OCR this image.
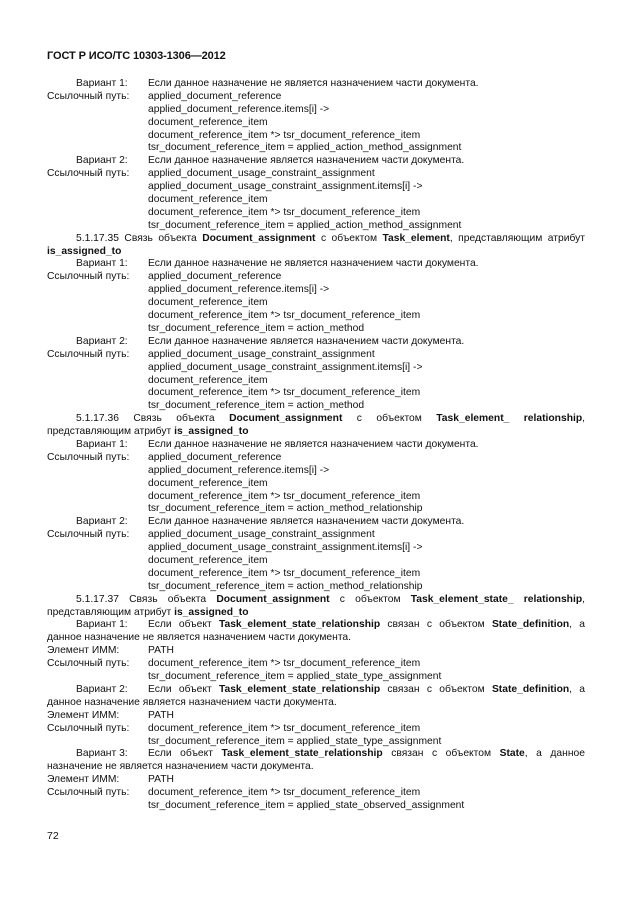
ГОСТ Р ИСО/ТС 10303-1306—2012
Вариант 1: Если данное назначение не является назначением части документа.
Ссылочный путь: applied_document_reference
applied_document_reference.items[i] ->
document_reference_item
document_reference_item *> tsr_document_reference_item
tsr_document_reference_item = applied_action_method_assignment
Вариант 2: Если данное назначение является назначением части документа.
Ссылочный путь: applied_document_usage_constraint_assignment
applied_document_usage_constraint_assignment.items[i] ->
document_reference_item
document_reference_item *> tsr_document_reference_item
tsr_document_reference_item = applied_action_method_assignment
5.1.17.35 Связь объекта Document_assignment с объектом Task_element, представляющим атрибут is_assigned_to
Вариант 1: Если данное назначение не является назначением части документа.
Ссылочный путь: applied_document_reference
applied_document_reference.items[i] ->
document_reference_item
document_reference_item *> tsr_document_reference_item
tsr_document_reference_item = action_method
Вариант 2: Если данное назначение является назначением части документа.
Ссылочный путь: applied_document_usage_constraint_assignment
applied_document_usage_constraint_assignment.items[i] ->
document_reference_item
document_reference_item *> tsr_document_reference_item
tsr_document_reference_item = action_method
5.1.17.36 Связь объекта Document_assignment с объектом Task_element_ relationship, представляющим атрибут is_assigned_to
Вариант 1: Если данное назначение не является назначением части документа.
Ссылочный путь: applied_document_reference
applied_document_reference.items[i] ->
document_reference_item
document_reference_item *> tsr_document_reference_item
tsr_document_reference_item = action_method_relationship
Вариант 2: Если данное назначение является назначением части документа.
Ссылочный путь: applied_document_usage_constraint_assignment
applied_document_usage_constraint_assignment.items[i] ->
document_reference_item
document_reference_item *> tsr_document_reference_item
tsr_document_reference_item = action_method_relationship
5.1.17.37 Связь объекта Document_assignment с объектом Task_element_state_ relationship, представляющим атрибут is_assigned_to
Вариант 1: Если объект Task_element_state_relationship связан с объектом State_definition, а данное назначение не является назначением части документа.
Элемент ИММ:	PATH
Ссылочный путь: document_reference_item *> tsr_document_reference_item
tsr_document_reference_item = applied_state_type_assignment
Вариант 2: Если объект Task_element_state_relationship связан с объектом State_definition, а данное назначение является назначением части документа.
Элемент ИММ:	PATH
Ссылочный путь: document_reference_item *> tsr_document_reference_item
tsr_document_reference_item = applied_state_type_assignment
Вариант 3: Если объект Task_element_state_relationship связан с объектом State, а данное назначение не является назначением части документа.
Элемент ИММ:	PATH
Ссылочный путь: document_reference_item *> tsr_document_reference_item
tsr_document_reference_item = applied_state_observed_assignment
72
